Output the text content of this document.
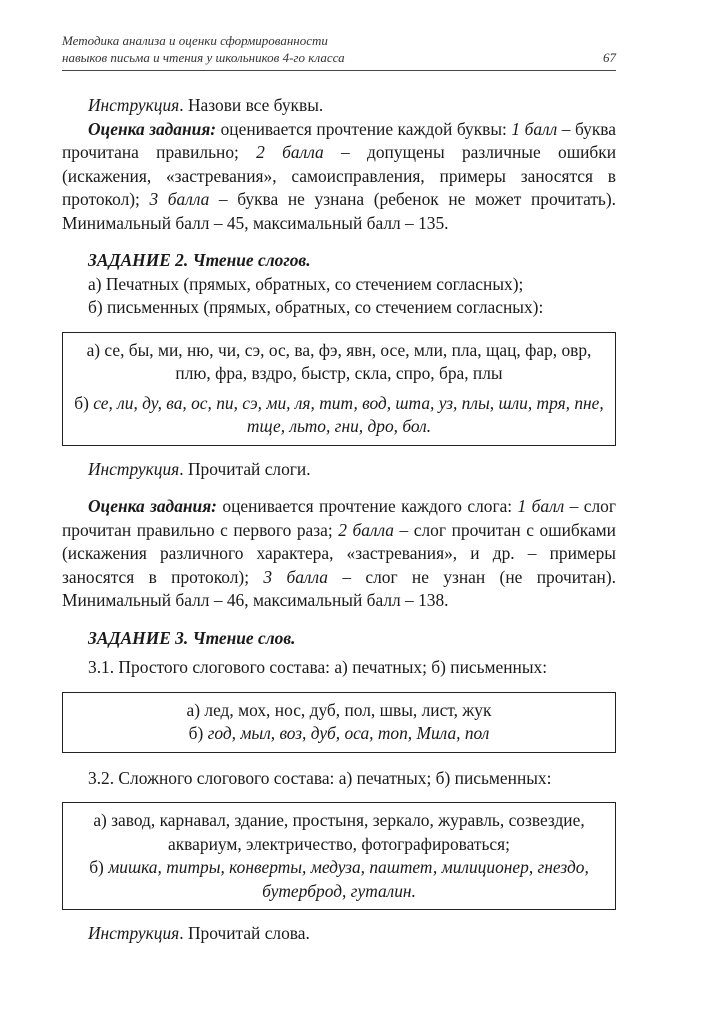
Методика анализа и оценки сформированности
навыков письма и чтения у школьников 4-го класса	67

Инструкция. Назови все буквы.

Оценка задания: оценивается прочтение каждой буквы: 1 балл – буква прочитана правильно; 2 балла – допущены различные ошибки (искажения, «застревания», самоисправления, примеры заносятся в протокол); 3 балла – буква не узнана (ребенок не может прочитать). Минимальный балл – 45, максимальный балл – 135.

ЗАДАНИЕ 2. Чтение слогов.

а) Печатных (прямых, обратных, со стечением согласных);

б) письменных (прямых, обратных, со стечением согласных):

а) се, бы, ми, ню, чи, сэ, ос, ва, фэ, явн, осе, мли, пла, щац, фар, овр, плю, фра, вздро, быстр, скла, спро, бра, плы

б) се, ли, ду, ва, ос, пи, сэ, ми, ля, тит, вод, шта, уз, плы, шли, тря, пне, тще, льто, гни, дро, бол.

Инструкция. Прочитай слоги.

Оценка задания: оценивается прочтение каждого слога: 1 балл – слог прочитан правильно с первого раза; 2 балла – слог прочитан с ошибками (искажения различного характера, «застревания», и др. – примеры заносятся в протокол); 3 балла – слог не узнан (не прочитан). Минимальный балл – 46, максимальный балл – 138.

ЗАДАНИЕ 3. Чтение слов.

3.1. Простого слогового состава: а) печатных; б) письменных:

а) лед, мох, нос, дуб, пол, швы, лист, жук

б) год, мыл, воз, дуб, оса, топ, Мила, пол

3.2. Сложного слогового состава: а) печатных; б) письменных:

а) завод, карнавал, здание, простыня, зеркало, журавль, созвездие, аквариум, электричество, фотографироваться;

б) мишка, титры, конверты, медуза, паштет, милиционер, гнездо, бутерброд, гуталин.

Инструкция. Прочитай слова.
